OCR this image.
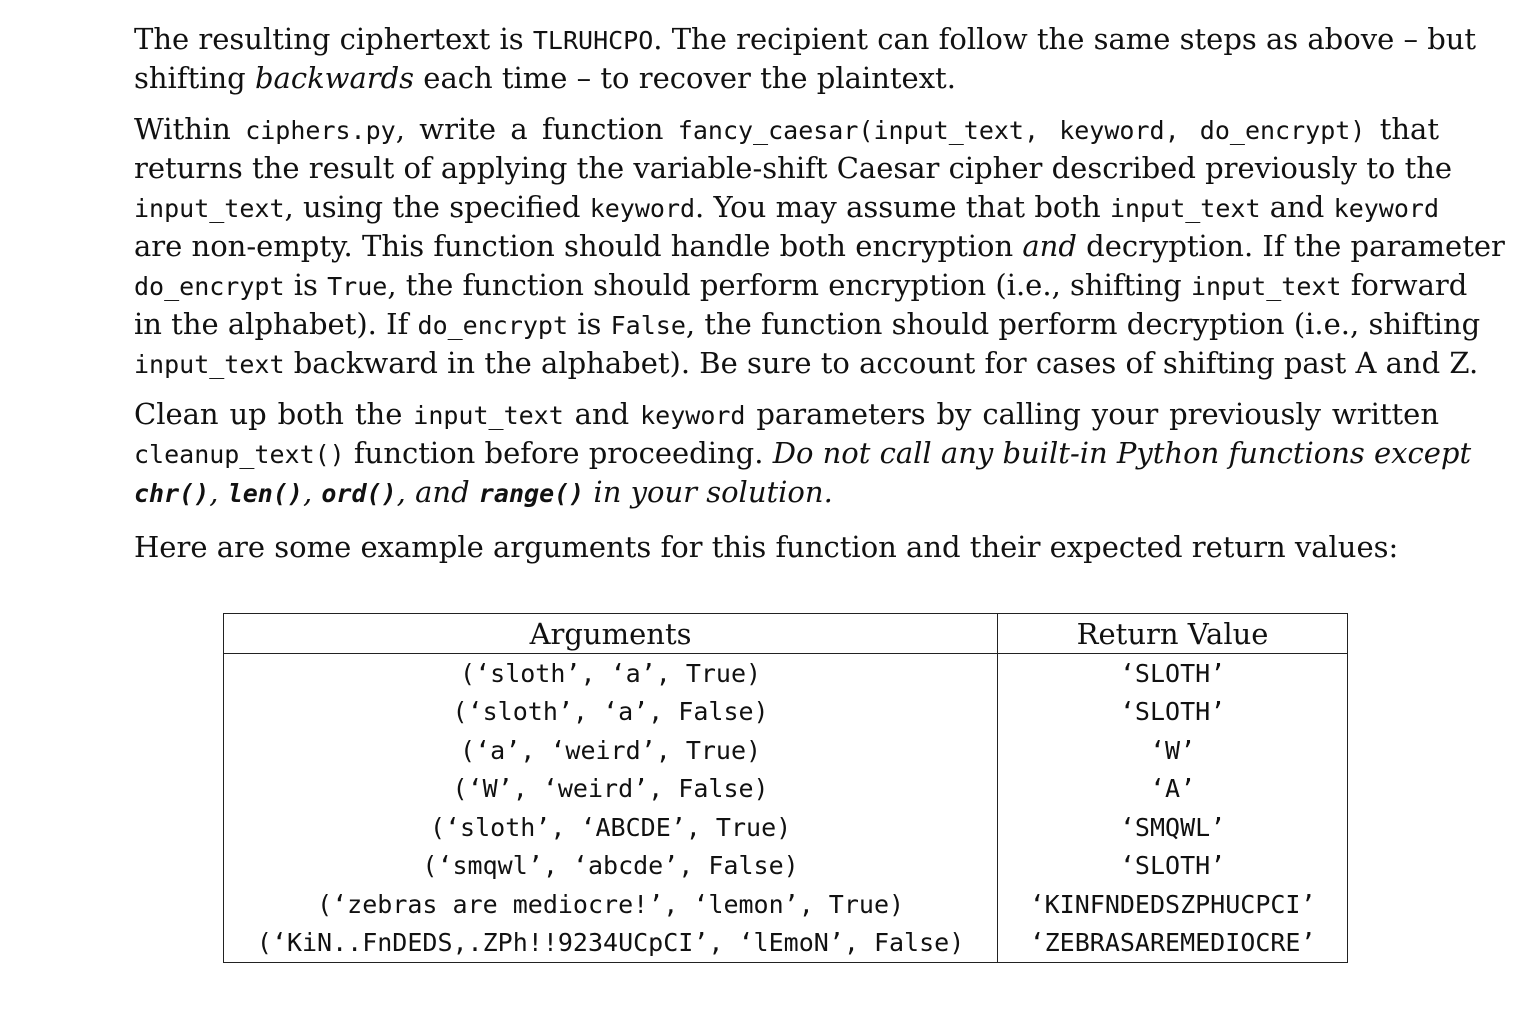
The resulting ciphertext is TLRUHCPO. The recipient can follow the same steps as above – but
shifting backwards each time – to recover the plaintext.

Within ciphers.py, write a function fancy_caesar(input_text, keyword, do_encrypt) that
returns the result of applying the variable-shift Caesar cipher described previously to the
input_text, using the specified keyword. You may assume that both input_text and keyword
are non-empty. This function should handle both encryption and decryption. If the parameter
do_encrypt is True, the function should perform encryption (i.e., shifting input_text forward
in the alphabet). If do_encrypt is False, the function should perform decryption (i.e., shifting
input_text backward in the alphabet). Be sure to account for cases of shifting past A and Z.

Clean up both the input_text and keyword parameters by calling your previously written
cleanup_text() function before proceeding. Do not call any built-in Python functions except
chr(), len(), ord(), and range() in your solution.

Here are some example arguments for this function and their expected return values:

Arguments	Return Value
(‘sloth’, ‘a’, True)	‘SLOTH’
(‘sloth’, ‘a’, False)	‘SLOTH’
(‘a’, ‘weird’, True)	‘W’
(‘W’, ‘weird’, False)	‘A’
(‘sloth’, ‘ABCDE’, True)	‘SMQWL’
(‘smqwl’, ‘abcde’, False)	‘SLOTH’
(‘zebras are mediocre!’, ‘lemon’, True)	‘KINFNDEDSZPHUCPCI’
(‘KiN..FnDEDS,.ZPh!!9234UCpCI’, ‘lEmoN’, False)	‘ZEBRASAREMEDIOCRE’
